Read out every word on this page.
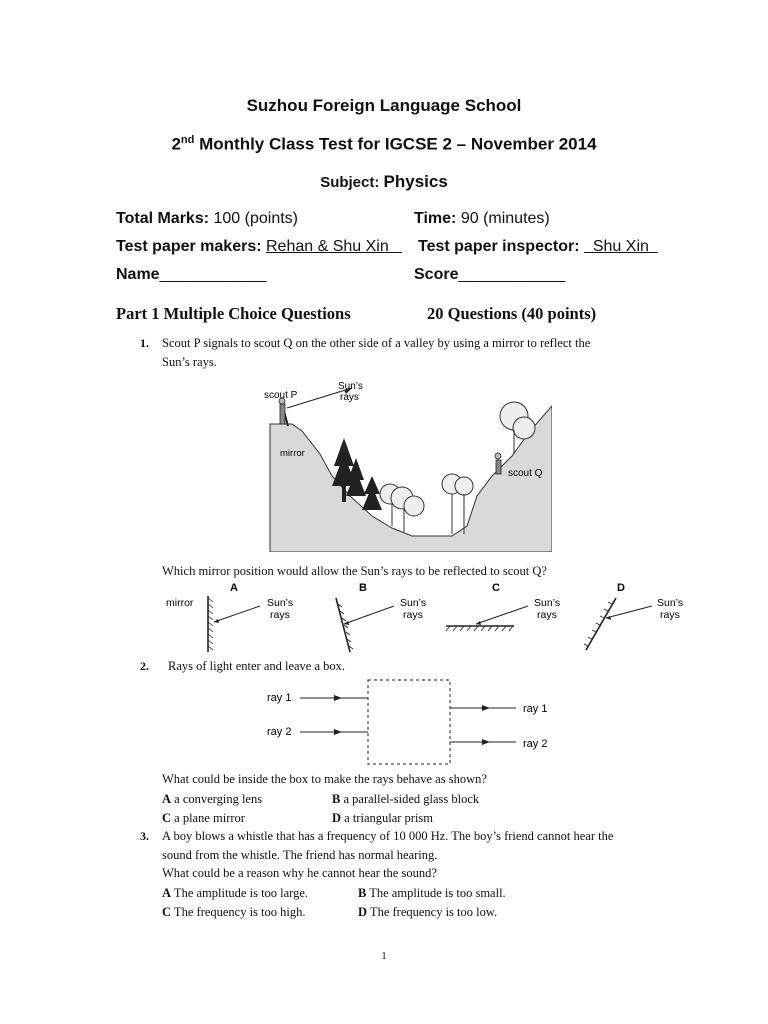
Suzhou Foreign Language School
2nd Monthly Class Test for IGCSE 2 – November 2014
Subject: Physics
Total Marks: 100 (points)	Time: 90 (minutes)
Test paper makers: Rehan & Shu Xin Test paper inspector:   Shu Xin
Name____________	Score____________
Part 1 Multiple Choice Questions	20 Questions (40 points)
1. Scout P signals to scout Q on the other side of a valley by using a mirror to reflect the
Sun’s rays.
scout P
Sun’s
rays
mirror
scout Q
Which mirror position would allow the Sun’s rays to be reflected to scout Q?
A	B	C	D
mirror	Sun’s
rays
Sun’s
rays
Sun’s
rays
Sun’s
rays
2. Rays of light enter and leave a box.
ray 1
ray 2
ray 1
ray 2
What could be inside the box to make the rays behave as shown?
A a converging lens	B a parallel-sided glass block
C a plane mirror	D a triangular prism
3. A boy blows a whistle that has a frequency of 10 000 Hz. The boy’s friend cannot hear the
sound from the whistle. The friend has normal hearing.
What could be a reason why he cannot hear the sound?
A The amplitude is too large.	B The amplitude is too small.
C The frequency is too high.	D The frequency is too low.
1
